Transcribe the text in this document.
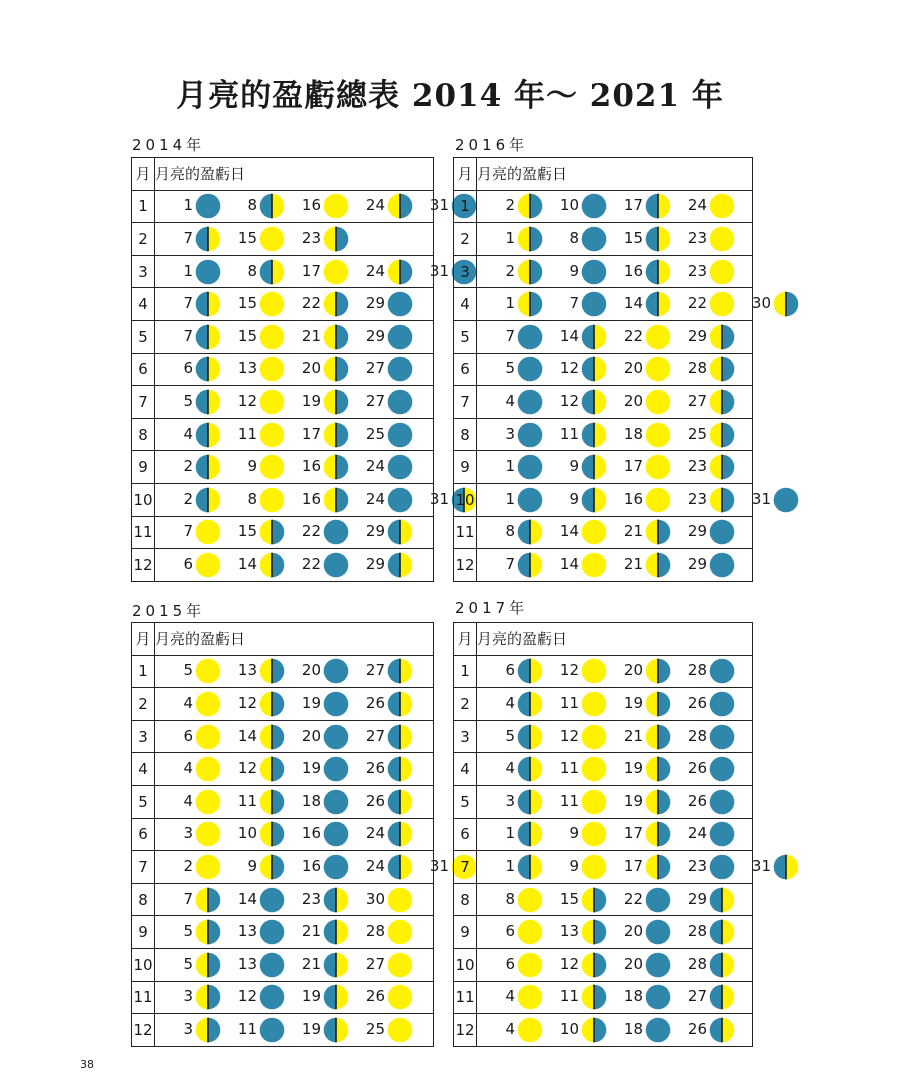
月亮的盈虧總表 2014 年～ 2021 年
2014年
月	月亮的盈虧日
1	1 8 16 24 31

2	7 15 23

3	1 8 17 24 31

4	7 15 22 29

5	7 15 21 29

6	6 13 20 27

7	5 12 19 27

8	4 11 17 25

9	2 9 16 24

10	2 8 16 24 31

11	7 15 22 29

12	6 14 22 29
2016年
月	月亮的盈虧日
1	2 10 17 24

2	1 8 15 23

3	2 9 16 23

4	1 7 14 22 30

5	7 14 22 29

6	5 12 20 28

7	4 12 20 27

8	3 11 18 25

9	1 9 17 23

10	1 9 16 23 31

11	8 14 21 29

12	7 14 21 29
2015年
月	月亮的盈虧日
1	5 13 20 27

2	4 12 19 26

3	6 14 20 27

4	4 12 19 26

5	4 11 18 26

6	3 10 16 24

7	2 9 16 24 31

8	7 14 23 30

9	5 13 21 28

10	5 13 21 27

11	3 12 19 26

12	3 11 19 25
2017年
月	月亮的盈虧日
1	6 12 20 28

2	4 11 19 26

3	5 12 21 28

4	4 11 19 26

5	3 11 19 26

6	1 9 17 24

7	1 9 17 23 31

8	8 15 22 29

9	6 13 20 28

10	6 12 20 28

11	4 11 18 27

12	4 10 18 26
38
